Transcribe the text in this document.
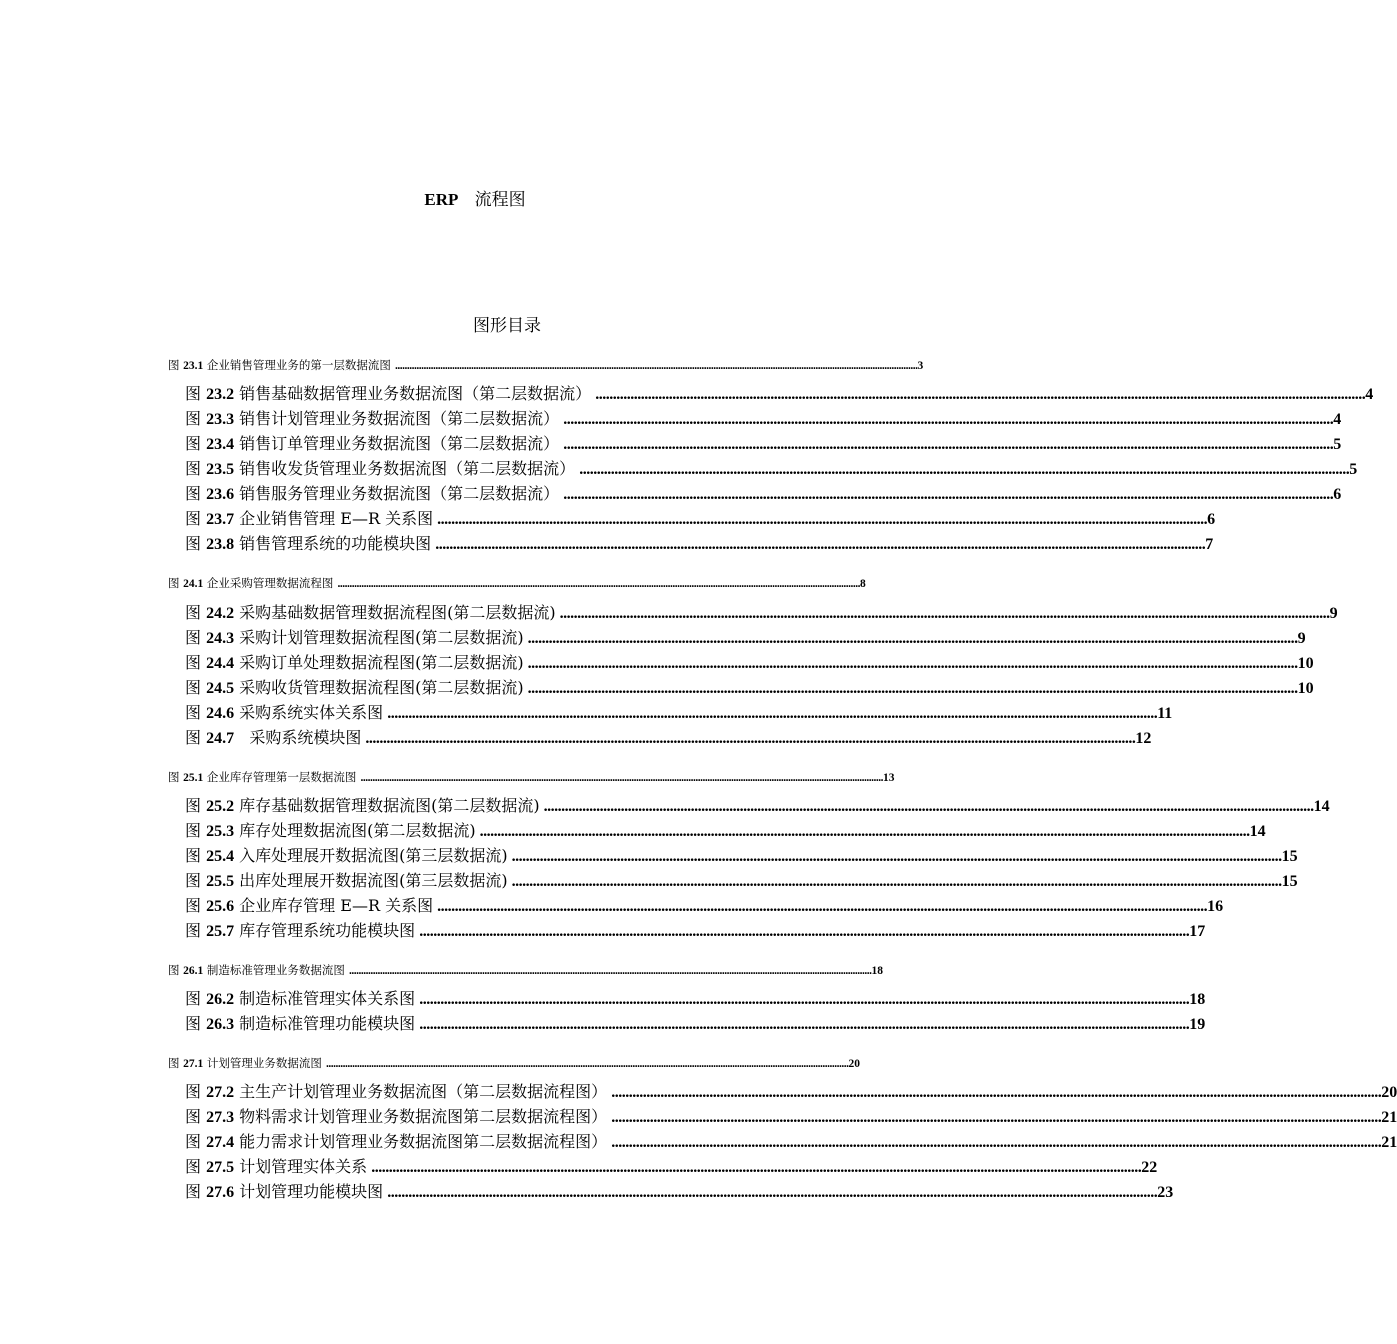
ERP 流程图
图形目录
图 23.1 企业销售管理业务的第一层数据流图 ............................................................................................................................................................................................................................ 3
图 23.2 销售基础数据管理业务数据流图（第二层数据流） ............................................................................................................................................................................................................................ 4
图 23.3 销售计划管理业务数据流图（第二层数据流） ............................................................................................................................................................................................................................ 4
图 23.4 销售订单管理业务数据流图（第二层数据流） ............................................................................................................................................................................................................................ 5
图 23.5 销售收发货管理业务数据流图（第二层数据流） ............................................................................................................................................................................................................................ 5
图 23.6 销售服务管理业务数据流图（第二层数据流） ............................................................................................................................................................................................................................ 6
图 23.7 企业销售管理 E—R 关系图 ............................................................................................................................................................................................................................ 6
图 23.8 销售管理系统的功能模块图 ............................................................................................................................................................................................................................ 7
图 24.1 企业采购管理数据流程图 ............................................................................................................................................................................................................................ 8
图 24.2 采购基础数据管理数据流程图(第二层数据流) ............................................................................................................................................................................................................................ 9
图 24.3 采购计划管理数据流程图(第二层数据流) ............................................................................................................................................................................................................................ 9
图 24.4 采购订单处理数据流程图(第二层数据流) ............................................................................................................................................................................................................................ 10
图 24.5 采购收货管理数据流程图(第二层数据流) ............................................................................................................................................................................................................................ 10
图 24.6 采购系统实体关系图 ............................................................................................................................................................................................................................ 11
图 24.7   采购系统模块图 ............................................................................................................................................................................................................................ 12
图 25.1 企业库存管理第一层数据流图 ............................................................................................................................................................................................................................ 13
图 25.2 库存基础数据管理数据流图(第二层数据流) ............................................................................................................................................................................................................................ 14
图 25.3 库存处理数据流图(第二层数据流) ............................................................................................................................................................................................................................ 14
图 25.4 入库处理展开数据流图(第三层数据流) ............................................................................................................................................................................................................................ 15
图 25.5 出库处理展开数据流图(第三层数据流) ............................................................................................................................................................................................................................ 15
图 25.6 企业库存管理 E—R 关系图 ............................................................................................................................................................................................................................ 16
图 25.7 库存管理系统功能模块图 ............................................................................................................................................................................................................................ 17
图 26.1 制造标准管理业务数据流图 ............................................................................................................................................................................................................................ 18
图 26.2 制造标准管理实体关系图 ............................................................................................................................................................................................................................ 18
图 26.3 制造标准管理功能模块图 ............................................................................................................................................................................................................................ 19
图 27.1 计划管理业务数据流图 ............................................................................................................................................................................................................................ 20
图 27.2 主生产计划管理业务数据流图（第二层数据流程图） ............................................................................................................................................................................................................................ 20
图 27.3 物料需求计划管理业务数据流图第二层数据流程图） ............................................................................................................................................................................................................................ 21
图 27.4 能力需求计划管理业务数据流图第二层数据流程图） ............................................................................................................................................................................................................................ 21
图 27.5 计划管理实体关系 ............................................................................................................................................................................................................................ 22
图 27.6 计划管理功能模块图 ............................................................................................................................................................................................................................ 23
